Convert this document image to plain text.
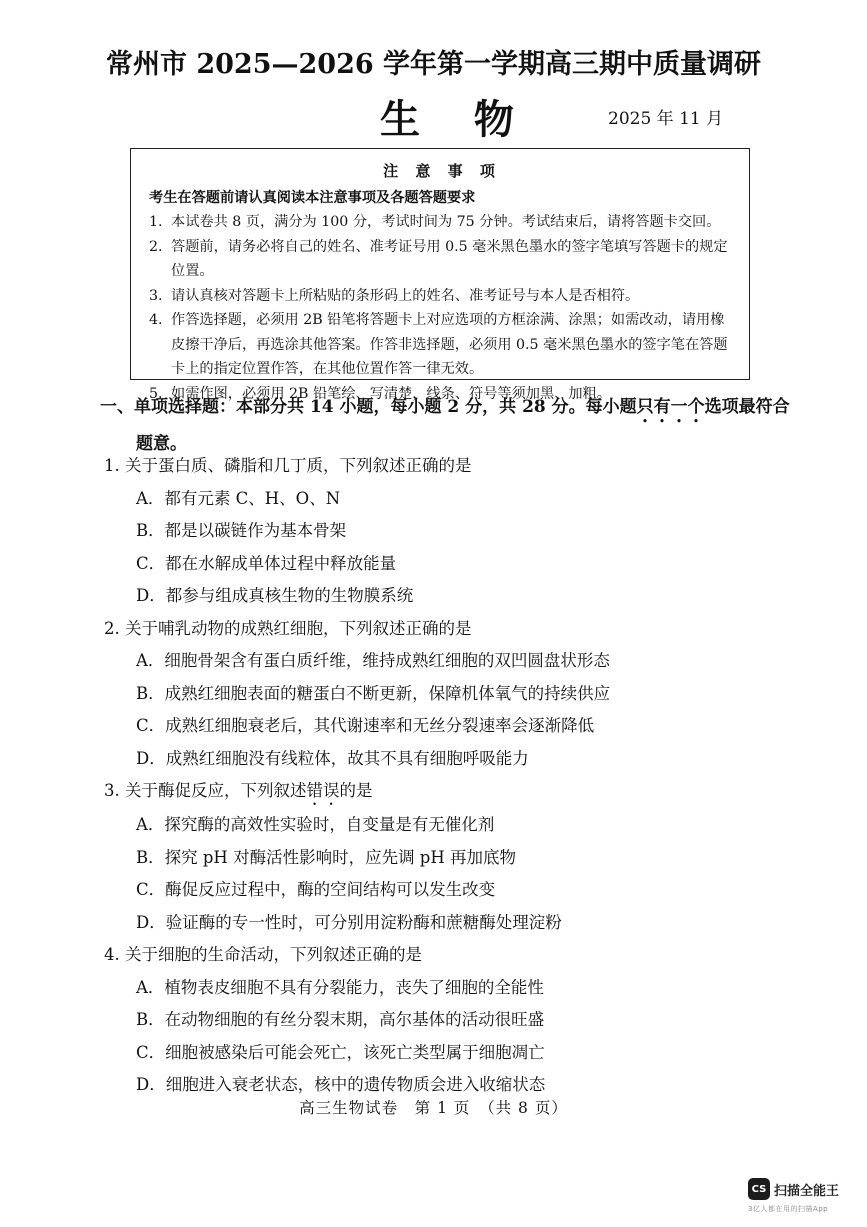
常州市 2025—2026 学年第一学期高三期中质量调研
生 物	2025 年 11 月
注 意 事 项
考生在答题前请认真阅读本注意事项及各题答题要求
1. 本试卷共 8 页，满分为 100 分，考试时间为 75 分钟。考试结束后，请将答题卡交回。
2. 答题前，请务必将自己的姓名、准考证号用 0.5 毫米黑色墨水的签字笔填写答题卡的规定位置。
3. 请认真核对答题卡上所粘贴的条形码上的姓名、准考证号与本人是否相符。
4. 作答选择题，必须用 2B 铅笔将答题卡上对应选项的方框涂满、涂黑；如需改动，请用橡皮擦干净后，再选涂其他答案。作答非选择题，必须用 0.5 毫米黑色墨水的签字笔在答题卡上的指定位置作答，在其他位置作答一律无效。
5. 如需作图，必须用 2B 铅笔绘、写清楚，线条、符号等须加黑、加粗。
一、单项选择题：本部分共 14 小题，每小题 2 分，共 28 分。每小题只有一个选项最符合
题意。
1. 关于蛋白质、磷脂和几丁质，下列叙述正确的是
A．都有元素 C、H、O、N
B．都是以碳链作为基本骨架
C．都在水解成单体过程中释放能量
D．都参与组成真核生物的生物膜系统
2. 关于哺乳动物的成熟红细胞，下列叙述正确的是
A．细胞骨架含有蛋白质纤维，维持成熟红细胞的双凹圆盘状形态
B．成熟红细胞表面的糖蛋白不断更新，保障机体氧气的持续供应
C．成熟红细胞衰老后，其代谢速率和无丝分裂速率会逐渐降低
D．成熟红细胞没有线粒体，故其不具有细胞呼吸能力
3. 关于酶促反应，下列叙述错误的是
A．探究酶的高效性实验时，自变量是有无催化剂
B．探究 pH 对酶活性影响时，应先调 pH 再加底物
C．酶促反应过程中，酶的空间结构可以发生改变
D．验证酶的专一性时，可分别用淀粉酶和蔗糖酶处理淀粉
4. 关于细胞的生命活动，下列叙述正确的是
A．植物表皮细胞不具有分裂能力，丧失了细胞的全能性
B．在动物细胞的有丝分裂末期，高尔基体的活动很旺盛
C．细胞被感染后可能会死亡，该死亡类型属于细胞凋亡
D．细胞进入衰老状态，核中的遗传物质会进入收缩状态
高三生物试卷　第 1 页　（共 8 页）
CS 扫描全能王
3亿人都在用的扫描App
